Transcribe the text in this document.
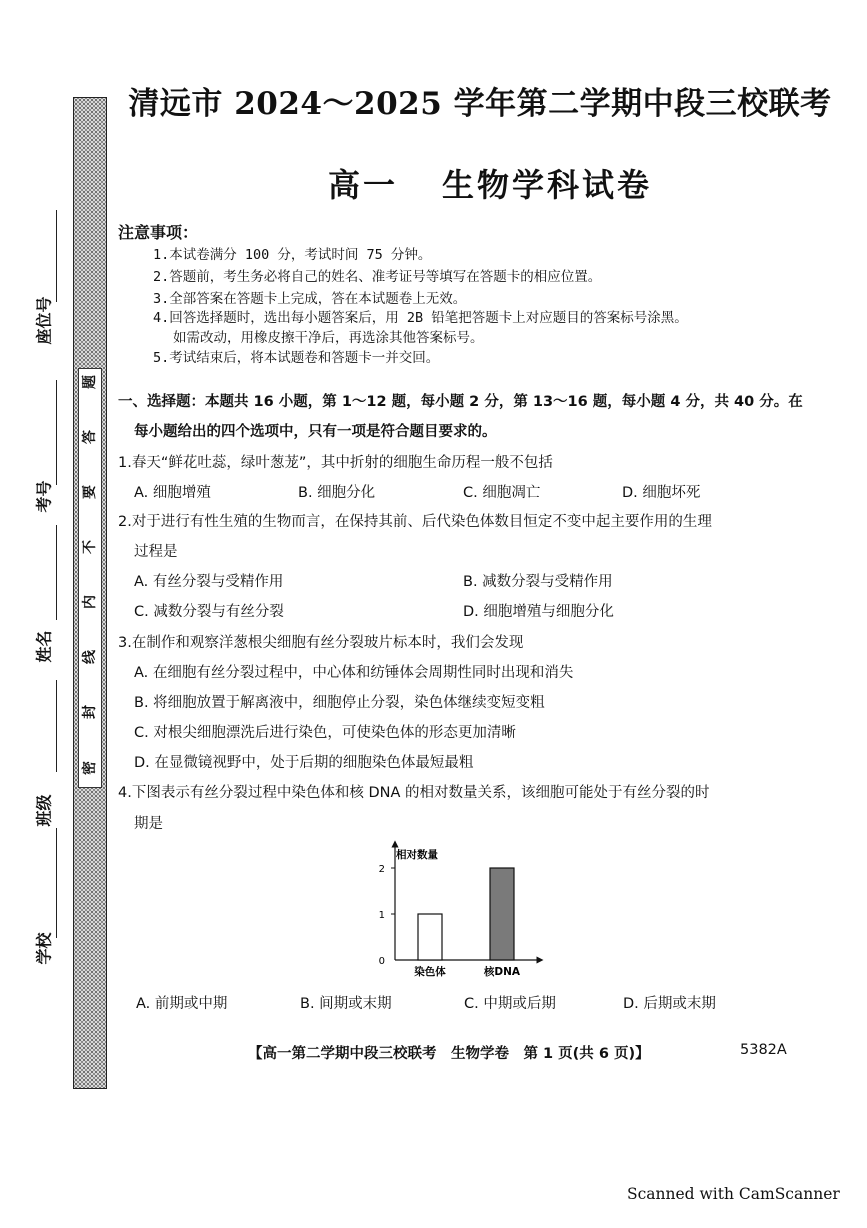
题
答
要
不
内
线
封
密
座位号
考号
姓名
班级
学校
清远市 2024～2025 学年第二学期中段三校联考
高一 生物学科试卷
注意事项：
1.本试卷满分 100 分，考试时间 75 分钟。
2.答题前，考生务必将自己的姓名、准考证号等填写在答题卡的相应位置。
3.全部答案在答题卡上完成，答在本试题卷上无效。
4.回答选择题时，选出每小题答案后，用 2B 铅笔把答题卡上对应题目的答案标号涂黑。
如需改动，用橡皮擦干净后，再选涂其他答案标号。
5.考试结束后，将本试题卷和答题卡一并交回。
一、选择题：本题共 16 小题，第 1～12 题，每小题 2 分，第 13～16 题，每小题 4 分，共 40 分。在
每小题给出的四个选项中，只有一项是符合题目要求的。
1.春天“鲜花吐蕊，绿叶葱茏”，其中折射的细胞生命历程一般不包括
A. 细胞增殖	B. 细胞分化	C. 细胞凋亡	D. 细胞坏死
2.对于进行有性生殖的生物而言，在保持其前、后代染色体数目恒定不变中起主要作用的生理
过程是
A. 有丝分裂与受精作用	B. 减数分裂与受精作用
C. 减数分裂与有丝分裂	D. 细胞增殖与细胞分化
3.在制作和观察洋葱根尖细胞有丝分裂玻片标本时，我们会发现
A. 在细胞有丝分裂过程中，中心体和纺锤体会周期性同时出现和消失
B. 将细胞放置于解离液中，细胞停止分裂，染色体继续变短变粗
C. 对根尖细胞漂洗后进行染色，可使染色体的形态更加清晰
D. 在显微镜视野中，处于后期的细胞染色体最短最粗
4.下图表示有丝分裂过程中染色体和核 DNA 的相对数量关系，该细胞可能处于有丝分裂的时
期是
相对数量
0
1
2
染色体	核DNA
A. 前期或中期	B. 间期或末期	C. 中期或后期	D. 后期或末期
【高一第二学期中段三校联考　生物学卷　第 1 页(共 6 页)】	5382A
Scanned with CamScanner
